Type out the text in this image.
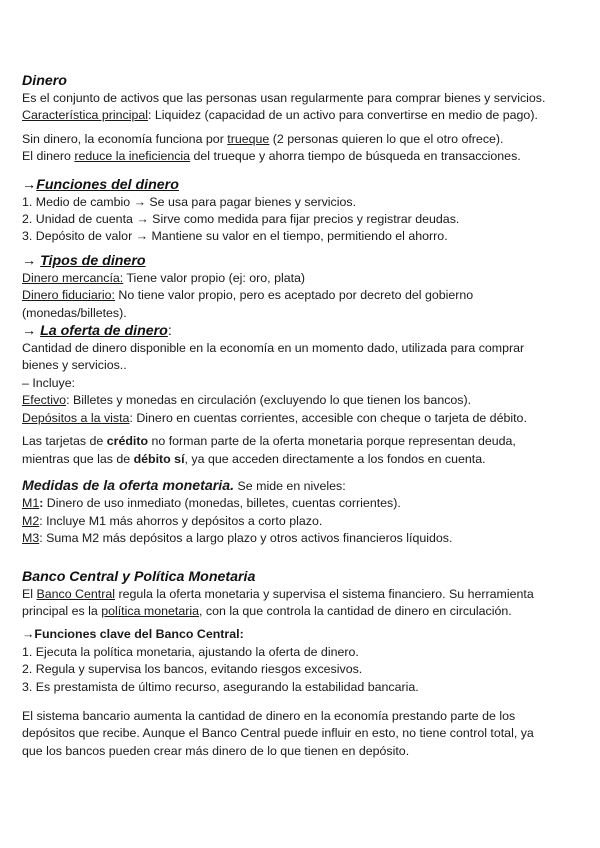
Dinero

Es el conjunto de activos que las personas usan regularmente para comprar bienes y servicios.

Característica principal: Liquidez (capacidad de un activo para convertirse en medio de pago).

Sin dinero, la economía funciona por trueque (2 personas quieren lo que el otro ofrece).

El dinero reduce la ineficiencia del trueque y ahorra tiempo de búsqueda en transacciones.

→Funciones del dinero

1. Medio de cambio → Se usa para pagar bienes y servicios.

2. Unidad de cuenta → Sirve como medida para fijar precios y registrar deudas.

3. Depósito de valor → Mantiene su valor en el tiempo, permitiendo el ahorro.

→ Tipos de dinero

Dinero mercancía: Tiene valor propio (ej: oro, plata)

Dinero fiduciario: No tiene valor propio, pero es aceptado por decreto del gobierno

(monedas/billetes).

→ La oferta de dinero:

Cantidad de dinero disponible en la economía en un momento dado, utilizada para comprar

bienes y servicios..

– Incluye:

Efectivo: Billetes y monedas en circulación (excluyendo lo que tienen los bancos).

Depósitos a la vista: Dinero en cuentas corrientes, accesible con cheque o tarjeta de débito.

Las tarjetas de crédito no forman parte de la oferta monetaria porque representan deuda,

mientras que las de débito sí, ya que acceden directamente a los fondos en cuenta.

Medidas de la oferta monetaria. Se mide en niveles:

M1: Dinero de uso inmediato (monedas, billetes, cuentas corrientes).

M2: Incluye M1 más ahorros y depósitos a corto plazo.

M3: Suma M2 más depósitos a largo plazo y otros activos financieros líquidos.

Banco Central y Política Monetaria

El Banco Central regula la oferta monetaria y supervisa el sistema financiero. Su herramienta

principal es la política monetaria, con la que controla la cantidad de dinero en circulación.

→Funciones clave del Banco Central:

1. Ejecuta la política monetaria, ajustando la oferta de dinero.

2. Regula y supervisa los bancos, evitando riesgos excesivos.

3. Es prestamista de último recurso, asegurando la estabilidad bancaria.

El sistema bancario aumenta la cantidad de dinero en la economía prestando parte de los

depósitos que recibe. Aunque el Banco Central puede influir en esto, no tiene control total, ya

que los bancos pueden crear más dinero de lo que tienen en depósito.
